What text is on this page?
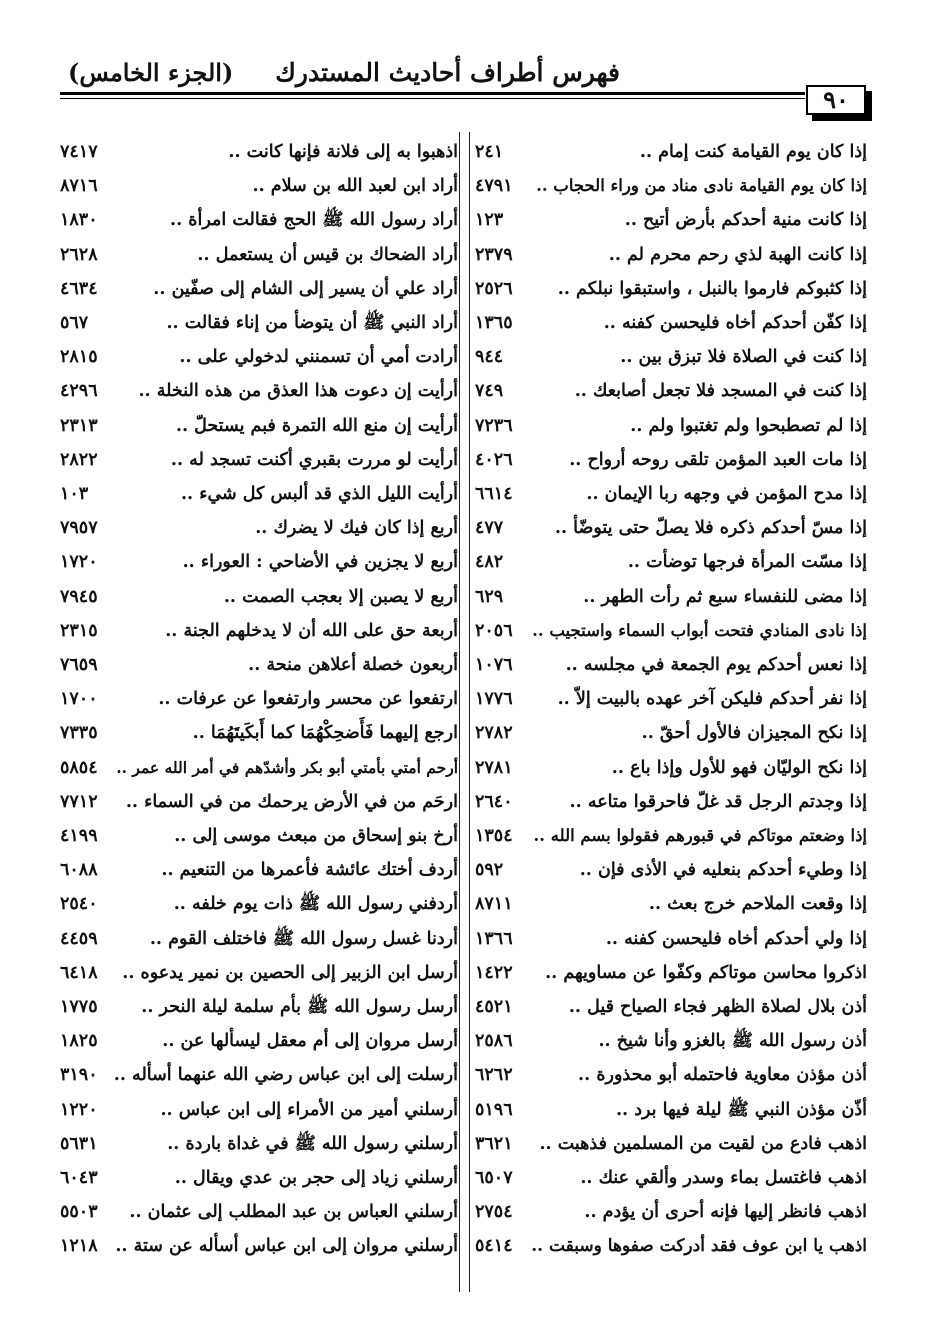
فهرس أطراف أحاديث المستدرك
(الجزء الخامس)
٩٠
إذا كان يوم القيامة كنت إمام ..
٢٤١
إذا كان يوم القيامة نادى مناد من وراء الحجاب ..
٤٧٩١
إذا كانت منية أحدكم بأرض أتيح ..
١٢٣
إذا كانت الهبة لذي رحم محرم لم ..
٢٣٧٩
إذا كثبوكم فارموا بالنبل ، واستبقوا نبلكم ..
٢٥٢٦
إذا كفّن أحدكم أخاه فليحسن كفنه ..
١٣٦٥
إذا كنت في الصلاة فلا تبزق بين ..
٩٤٤
إذا كنت في المسجد فلا تجعل أصابعك ..
٧٤٩
إذا لم تصطبحوا ولم تغتبوا ولم ..
٧٢٣٦
إذا مات العبد المؤمن تلقى روحه أرواح ..
٤٠٢٦
إذا مدح المؤمن في وجهه ربا الإيمان ..
٦٦١٤
إذا مسّ أحدكم ذكره فلا يصلّ حتى يتوضّأ ..
٤٧٧
إذا مسّت المرأة فرجها توضأت ..
٤٨٢
إذا مضى للنفساء سبع ثم رأت الطهر ..
٦٢٩
إذا نادى المنادي فتحت أبواب السماء واستجيب ..
٢٠٥٦
إذا نعس أحدكم يوم الجمعة في مجلسه ..
١٠٧٦
إذا نفر أحدكم فليكن آخر عهده بالبيت إلاّ ..
١٧٧٦
إذا نكح المجيزان فالأول أحقّ ..
٢٧٨٢
إذا نكح الوليّان فهو للأول وإذا باع ..
٢٧٨١
إذا وجدتم الرجل قد غلّ فاحرقوا متاعه ..
٢٦٤٠
إذا وضعتم موتاكم في قبورهم فقولوا بسم الله ..
١٣٥٤
إذا وطيء أحدكم بنعليه في الأذى فإن ..
٥٩٢
إذا وقعت الملاحم خرج بعث ..
٨٧١١
إذا ولي أحدكم أخاه فليحسن كفنه ..
١٣٦٦
اذكروا محاسن موتاكم وكفّوا عن مساويهم ..
١٤٢٢
أذن بلال لصلاة الظهر فجاء الصياح قيل ..
٤٥٢١
أذن رسول الله ﷺ بالغزو وأنا شيخ ..
٢٥٨٦
أذن مؤذن معاوية فاحتمله أبو محذورة ..
٦٢٦٢
أذّن مؤذن النبي ﷺ ليلة فيها برد ..
٥١٩٦
اذهب فادع من لقيت من المسلمين فذهبت ..
٣٦٢١
اذهب فاغتسل بماء وسدر وألقي عنك ..
٦٥٠٧
اذهب فانظر إليها فإنه أحرى أن يؤدم ..
٢٧٥٤
اذهب يا ابن عوف فقد أدركت صفوها وسبقت ..
٥٤١٤
اذهبوا به إلى فلانة فإنها كانت ..
٧٤١٧
أراد ابن لعبد الله بن سلام ..
٨٧١٦
أراد رسول الله ﷺ الحج فقالت امرأة ..
١٨٣٠
أراد الضحاك بن قيس أن يستعمل ..
٢٦٢٨
أراد علي أن يسير إلى الشام إلى صفّين ..
٤٦٣٤
أراد النبي ﷺ أن يتوضأ من إناء فقالت ..
٥٦٧
أرادت أمي أن تسمنني لدخولي على ..
٢٨١٥
أرأيت إن دعوت هذا العذق من هذه النخلة ..
٤٢٩٦
أرأيت إن منع الله التمرة فبم يستحلّ ..
٢٣١٣
أرأيت لو مررت بقبري أكنت تسجد له ..
٢٨٢٢
أرأيت الليل الذي قد ألبس كل شيء ..
١٠٣
أربع إذا كان فيك لا يضرك ..
٧٩٥٧
أربع لا يجزين في الأضاحي : العوراء ..
١٧٢٠
أربع لا يصبن إلا بعجب الصمت ..
٧٩٤٥
أربعة حق على الله أن لا يدخلهم الجنة ..
٢٣١٥
أربعون خصلة أعلاهن منحة ..
٧٦٥٩
ارتفعوا عن محسر وارتفعوا عن عرفات ..
١٧٠٠
ارجع إليهما فَأَضحِكْهُمَا كما أَبكَيتَهُمَا ..
٧٣٣٥
أرحم أمتي بأمتي أبو بكر وأشدّهم في أمر الله عمر ..
٥٨٥٤
ارحَم من في الأرض يرحمك من في السماء ..
٧٧١٢
أرخ بنو إسحاق من مبعث موسى إلى ..
٤١٩٩
أردف أختك عائشة فأعمرها من التنعيم ..
٦٠٨٨
أردفني رسول الله ﷺ ذات يوم خلفه ..
٢٥٤٠
أردنا غسل رسول الله ﷺ فاختلف القوم ..
٤٤٥٩
أرسل ابن الزبير إلى الحصين بن نمير يدعوه ..
٦٤١٨
أرسل رسول الله ﷺ بأم سلمة ليلة النحر ..
١٧٧٥
أرسل مروان إلى أم معقل ليسألها عن ..
١٨٢٥
أرسلت إلى ابن عباس رضي الله عنهما أسأله ..
٣١٩٠
أرسلني أمير من الأمراء إلى ابن عباس ..
١٢٢٠
أرسلني رسول الله ﷺ في غداة باردة ..
٥٦٣١
أرسلني زياد إلى حجر بن عدي ويقال ..
٦٠٤٣
أرسلني العباس بن عبد المطلب إلى عثمان ..
٥٥٠٣
أرسلني مروان إلى ابن عباس أسأله عن ستة ..
١٢١٨
